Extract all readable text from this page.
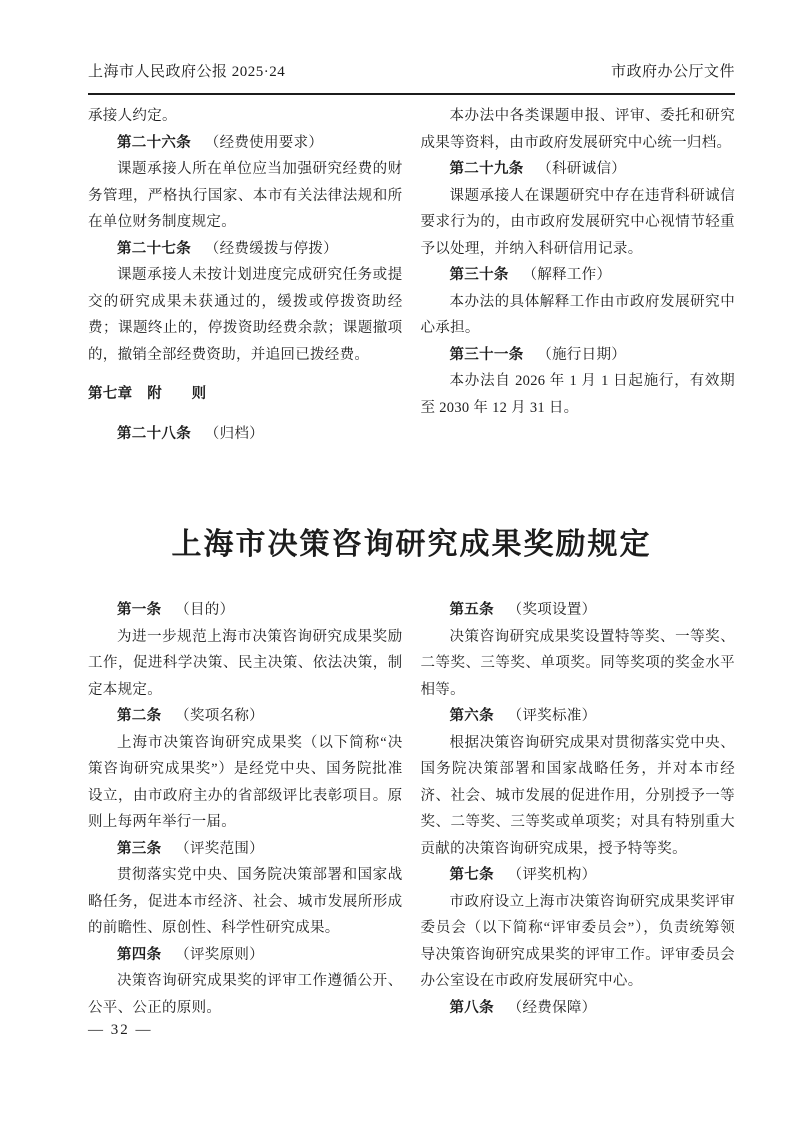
上海市人民政府公报 2025·24	市政府办公厅文件

承接人约定。

第二十六条 （经费使用要求）

课题承接人所在单位应当加强研究经费的财务管理，严格执行国家、本市有关法律法规和所在单位财务制度规定。

第二十七条 （经费缓拨与停拨）

课题承接人未按计划进度完成研究任务或提交的研究成果未获通过的，缓拨或停拨资助经费；课题终止的，停拨资助经费余款；课题撤项的，撤销全部经费资助，并追回已拨经费。

第七章　附　　则

第二十八条 （归档）

本办法中各类课题申报、评审、委托和研究成果等资料，由市政府发展研究中心统一归档。

第二十九条 （科研诚信）

课题承接人在课题研究中存在违背科研诚信要求行为的，由市政府发展研究中心视情节轻重予以处理，并纳入科研信用记录。

第三十条 （解释工作）

本办法的具体解释工作由市政府发展研究中心承担。

第三十一条 （施行日期）

本办法自 2026 年 1 月 1 日起施行，有效期至 2030 年 12 月 31 日。

上海市决策咨询研究成果奖励规定

第一条 （目的）

为进一步规范上海市决策咨询研究成果奖励工作，促进科学决策、民主决策、依法决策，制定本规定。

第二条 （奖项名称）

上海市决策咨询研究成果奖（以下简称“决策咨询研究成果奖”）是经党中央、国务院批准设立，由市政府主办的省部级评比表彰项目。原则上每两年举行一届。

第三条 （评奖范围）

贯彻落实党中央、国务院决策部署和国家战略任务，促进本市经济、社会、城市发展所形成的前瞻性、原创性、科学性研究成果。

第四条 （评奖原则）

决策咨询研究成果奖的评审工作遵循公开、公平、公正的原则。

第五条 （奖项设置）

决策咨询研究成果奖设置特等奖、一等奖、二等奖、三等奖、单项奖。同等奖项的奖金水平相等。

第六条 （评奖标准）

根据决策咨询研究成果对贯彻落实党中央、国务院决策部署和国家战略任务，并对本市经济、社会、城市发展的促进作用，分别授予一等奖、二等奖、三等奖或单项奖；对具有特别重大贡献的决策咨询研究成果，授予特等奖。

第七条 （评奖机构）

市政府设立上海市决策咨询研究成果奖评审委员会（以下简称“评审委员会”），负责统筹领导决策咨询研究成果奖的评审工作。评审委员会办公室设在市政府发展研究中心。

第八条 （经费保障）

— 32 —
